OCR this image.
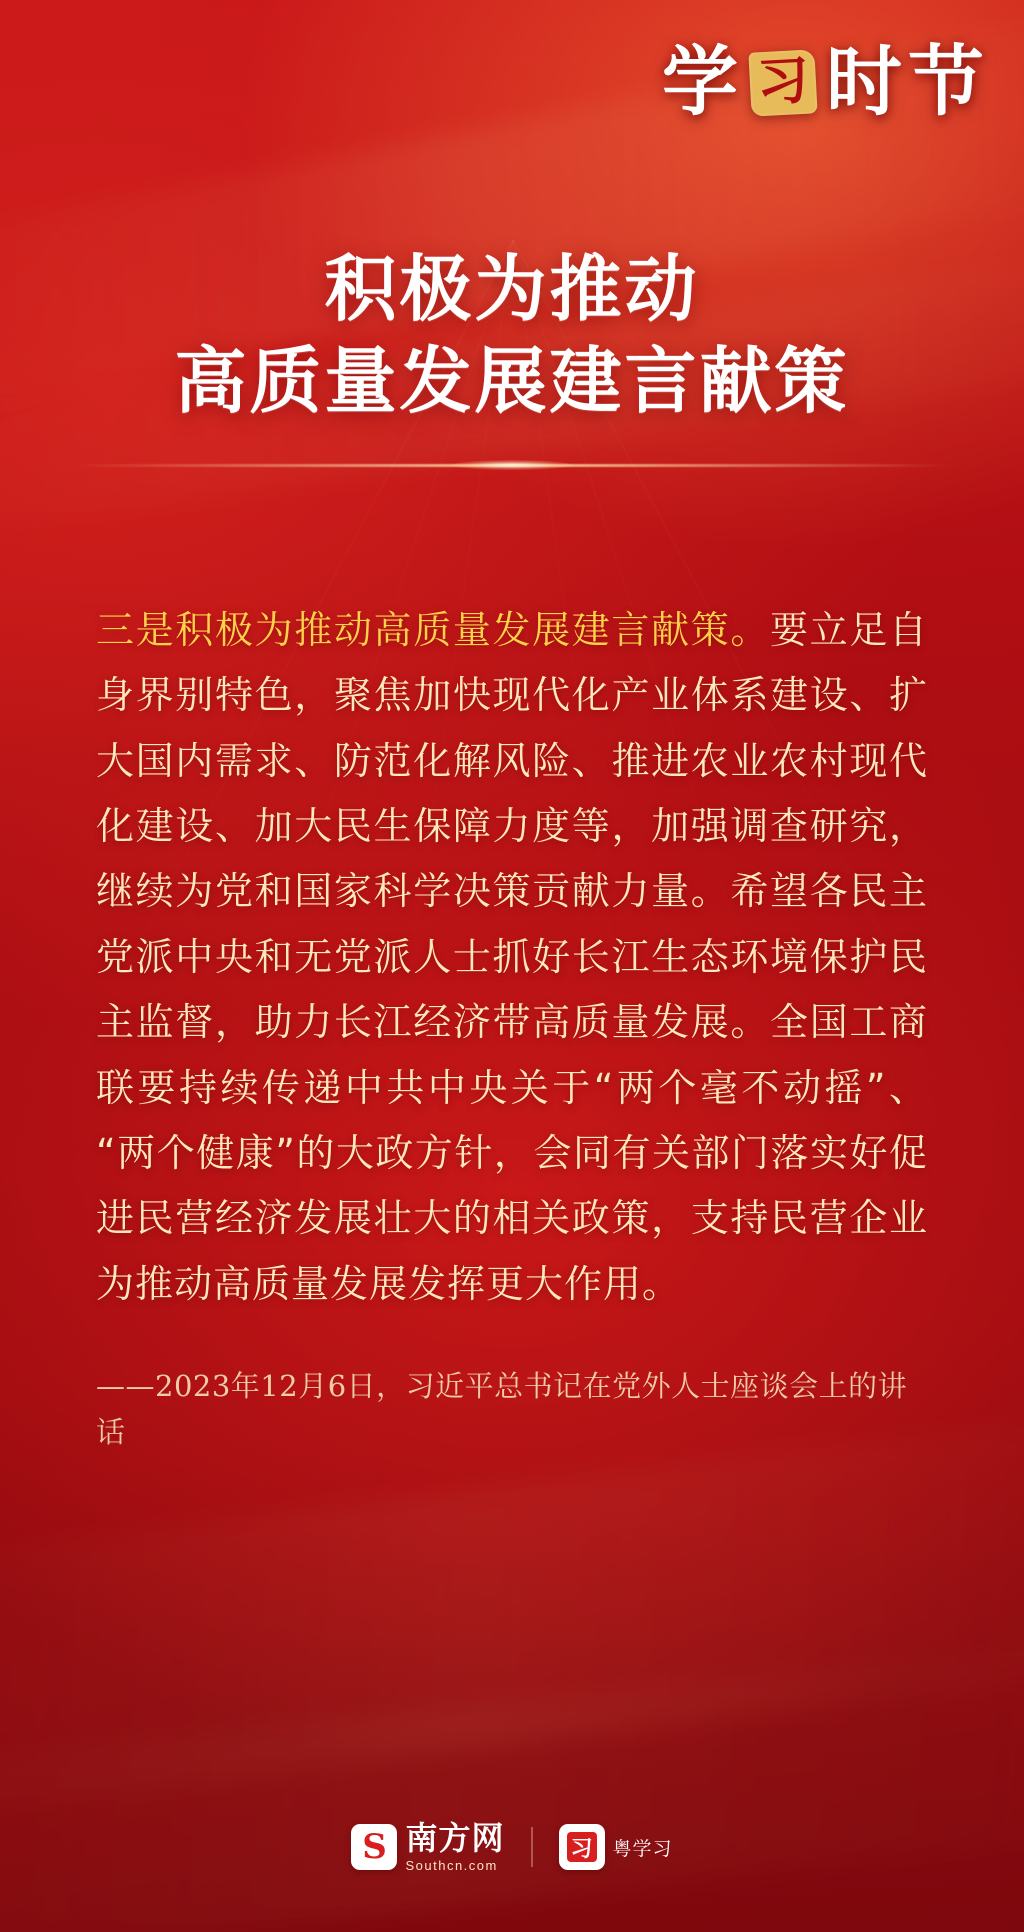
学 习 时 节
积极为推动
高质量发展建言献策

三是积极为推动高质量发展建言献策。要立足自身界别特色，聚焦加快现代化产业体系建设、扩大国内需求、防范化解风险、推进农业农村现代化建设、加大民生保障力度等，加强调查研究，继续为党和国家科学决策贡献力量。希望各民主党派中央和无党派人士抓好长江生态环境保护民主监督，助力长江经济带高质量发展。全国工商联要持续传递中共中央关于“两个毫不动摇”、“两个健康”的大政方针，会同有关部门落实好促进民营经济发展壮大的相关政策，支持民营企业为推动高质量发展发挥更大作用。

——2023年12月6日，习近平总书记在党外人士座谈会上的讲话

S 南方网
Southcn.com
习 粤学习
